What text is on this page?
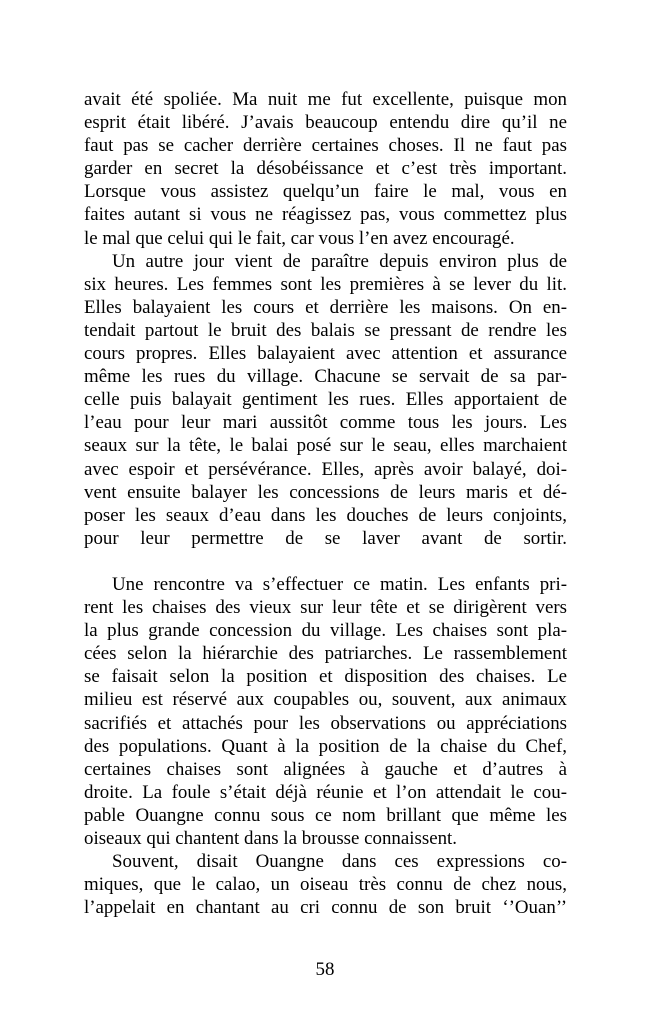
avait été spoliée. Ma nuit me fut excellente, puisque mon
esprit était libéré. J’avais beaucoup entendu dire qu’il ne
faut pas se cacher derrière certaines choses. Il ne faut pas
garder en secret la désobéissance et c’est très important.
Lorsque vous assistez quelqu’un faire le mal, vous en
faites autant si vous ne réagissez pas, vous commettez plus
le mal que celui qui le fait, car vous l’en avez encouragé.
Un autre jour vient de paraître depuis environ plus de
six heures. Les femmes sont les premières à se lever du lit.
Elles balayaient les cours et derrière les maisons. On en-
tendait partout le bruit des balais se pressant de rendre les
cours propres. Elles balayaient avec attention et assurance
même les rues du village. Chacune se servait de sa par-
celle puis balayait gentiment les rues. Elles apportaient de
l’eau pour leur mari aussitôt comme tous les jours. Les
seaux sur la tête, le balai posé sur le seau, elles marchaient
avec espoir et persévérance. Elles, après avoir balayé, doi-
vent ensuite balayer les concessions de leurs maris et dé-
poser les seaux d’eau dans les douches de leurs conjoints,
pour leur permettre de se laver avant de sortir.
Une rencontre va s’effectuer ce matin. Les enfants pri-
rent les chaises des vieux sur leur tête et se dirigèrent vers
la plus grande concession du village. Les chaises sont pla-
cées selon la hiérarchie des patriarches. Le rassemblement
se faisait selon la position et disposition des chaises. Le
milieu est réservé aux coupables ou, souvent, aux animaux
sacrifiés et attachés pour les observations ou appréciations
des populations. Quant à la position de la chaise du Chef,
certaines chaises sont alignées à gauche et d’autres à
droite. La foule s’était déjà réunie et l’on attendait le cou-
pable Ouangne connu sous ce nom brillant que même les
oiseaux qui chantent dans la brousse connaissent.
Souvent, disait Ouangne dans ces expressions co-
miques, que le calao, un oiseau très connu de chez nous,
l’appelait en chantant au cri connu de son bruit ‘’Ouan’’
58
